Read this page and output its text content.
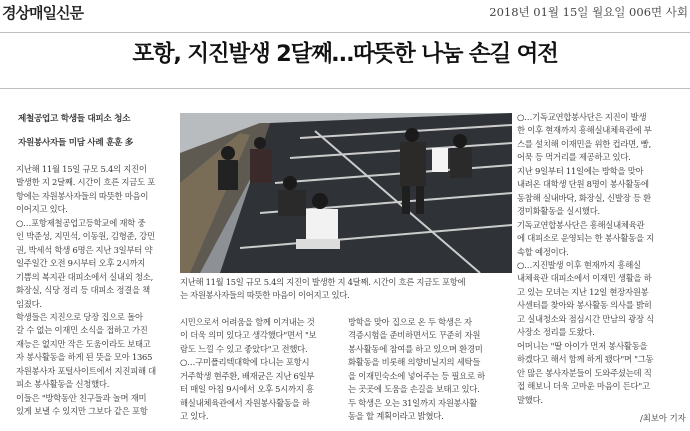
경상매일신문	2018년 01월 15일 월요일 006면 사회
포항, 지진발생 2달째…따뜻한 나눔 손길 여전
제철공업고 학생들 대피소 청소
자원봉사자들 미담 사례 훈훈 多

지난해 11월 15일 규모 5.4의 지진이

발생한 지 2달째. 시간이 흐른 지금도 포

항에는 자원봉사자들의 따뜻한 마음이

이어지고 있다.

○…포항제철공업고등학교에 재학 중

인 박준성, 지민석, 이동원, 김형준, 강민

권, 박세석 학생 6명은 지난 3일부터 약

일주일간 오전 9시부터 오후 2시까지

기쁨의 복지관 대피소에서 실내외 청소,

화장실, 식당 정리 등 대피소 정결을 책

임졌다.

학생들은 지진으로 당장 집으로 돌아

갈 수 없는 이재민 소식을 접하고 가진

재능은 없지만 작은 도움이라도 보태고

자 봉사활동을 하게 된 뜻을 모아 1365

자원봉사자 포털사이트에서 지진피해 대

피소 봉사활동을 신청했다.

이들은 "방학동안 친구들과 놀며 재미

있게 보낼 수 있지만 그보다 같은 포항

지난해 11월 15일 규모 5.4의 지진이 발생한 지 4달째. 시간이 흐른 지금도 포항에

는 자원봉사자들의 따뜻한 마음이 이어지고 있다.

시민으로서 어려움을 함께 이겨내는 것

이 더욱 의미 있다고 생각했다"면서 "보

람도 느낄 수 있고 좋았다"고 전했다.

○…구미폴리텍대학에 다니는 포항시

거주학생 현주환, 배재균은 지난 6일부

터 매일 아침 9시에서 오후 5시까지 흥

해실내체육관에서 자원봉사활동을 하

고 있다.

방학을 맞아 집으로 온 두 학생은 자

격증시험을 준비하면서도 꾸준히 자원

봉사활동에 참여를 하고 있으며 환경미

화활동을 비롯해 의향비닐지의 세탁들

을 이재민숙소에 넣어주는 등 필요로 하

는 곳곳에 도움을 손길을 보태고 있다.

두 학생은 오는 31일까지 자원봉사활

동을 할 계획이라고 밝혔다.

○…기독교연합봉사단은 지진이 발생

한 이후 현재까지 흥해실내체육관에 부

스를 설치해 이재민을 위한 컵라면, 빵,

어묵 등 먹거리를 제공하고 있다.

지난 9일부터 11일에는 방학을 맞아

내려온 대학생 단원 8명이 봉사활동에

동참해 실내바닥, 화장실, 신발장 등 환

경미화활동을 실시했다.

기독교연합봉사단은 흥해실내체육관

에 대피소로 운영되는 한 봉사활동을 지

속할 예정이다.

○…지진발생 이후 현재까지 흥해실

내체육관 대피소에서 이재민 생활을 하

고 있는 모녀는 지난 12일 현장자원봉

사센터를 찾아와 봉사활동 의사를 밝히

고 실내청소와 점심시간 만남의 광장 식

사장소 정리를 도왔다.

어머니는 "딸 아이가 먼저 봉사활동을

하겠다고 해서 함께 하게 됐다"며 "그동

안 많은 봉사자분들이 도와주셨는데 직

접 해보니 더욱 고마운 마음이 든다"고

말했다.

/최보아 기자
